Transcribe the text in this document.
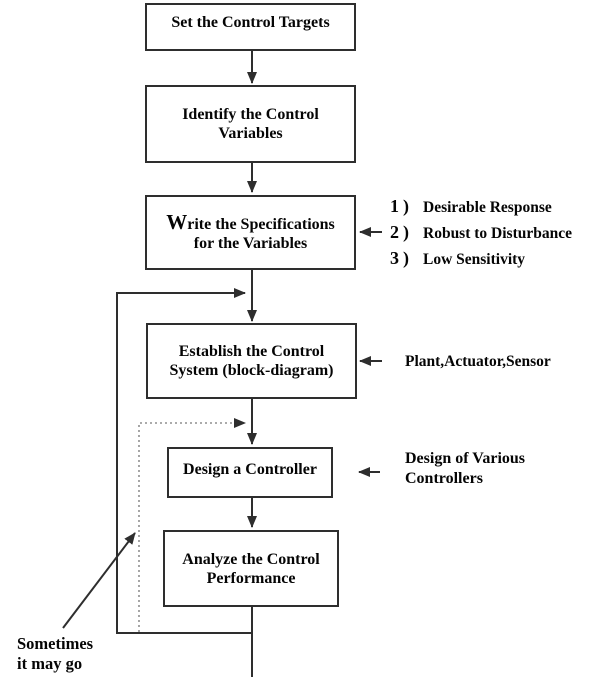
Set the Control Targets
Identify the Control
Variables
Write the Specifications
for the Variables
Establish the Control
System (block-diagram)
Design a Controller
Analyze the Control
Performance
1) Desirable Response
2) Robust to Disturbance
3) Low Sensitivity
Plant,Actuator,Sensor
Design of Various
Controllers
Sometimes
it may go
